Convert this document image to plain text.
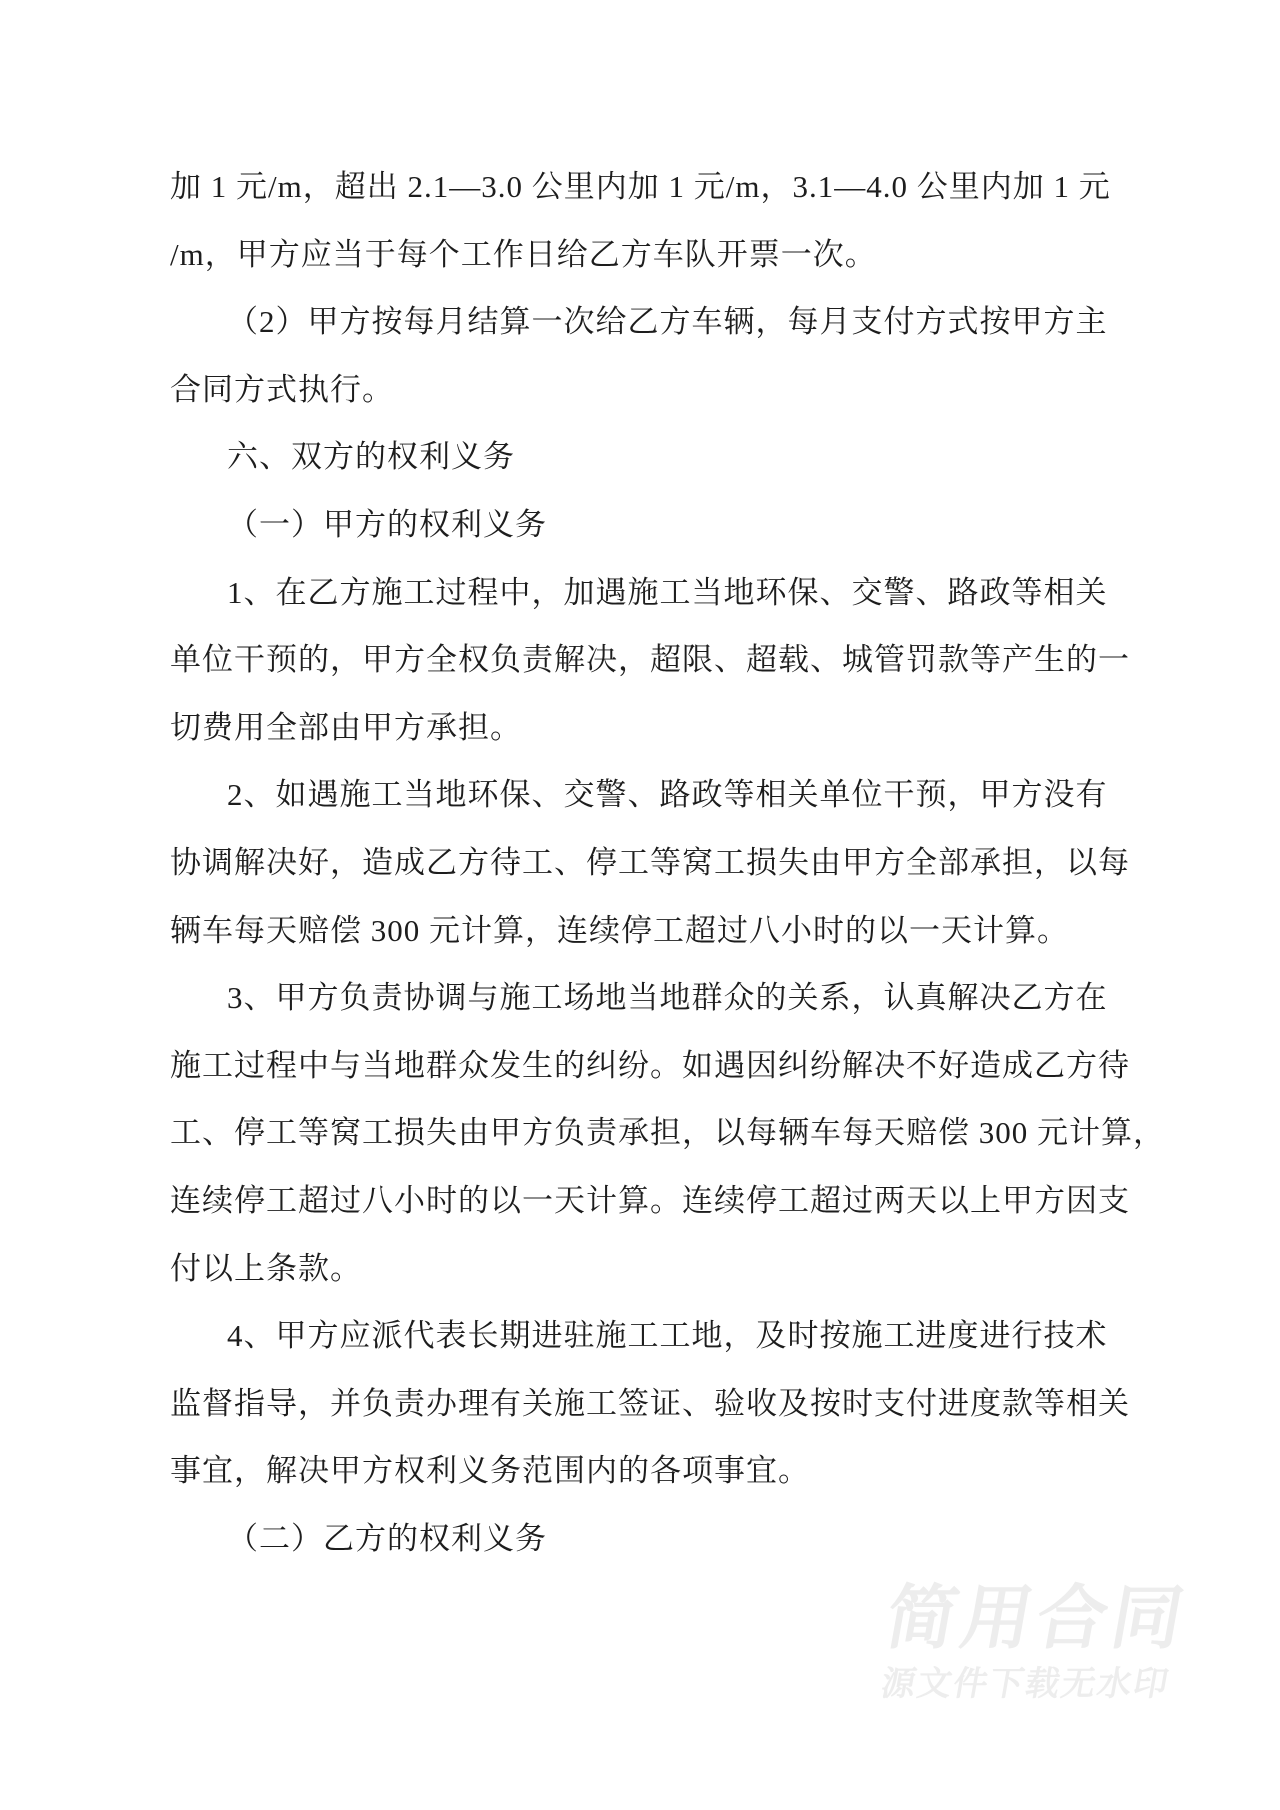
加 1 元/m，超出 2.1—3.0 公里内加 1 元/m，3.1—4.0 公里内加 1 元
/m，甲方应当于每个工作日给乙方车队开票一次。
（2）甲方按每月结算一次给乙方车辆，每月支付方式按甲方主
合同方式执行。
六、双方的权利义务
（一）甲方的权利义务
1、在乙方施工过程中，加遇施工当地环保、交警、路政等相关
单位干预的，甲方全权负责解决，超限、超载、城管罚款等产生的一
切费用全部由甲方承担。
2、如遇施工当地环保、交警、路政等相关单位干预，甲方没有
协调解决好，造成乙方待工、停工等窝工损失由甲方全部承担，以每
辆车每天赔偿 300 元计算，连续停工超过八小时的以一天计算。
3、甲方负责协调与施工场地当地群众的关系，认真解决乙方在
施工过程中与当地群众发生的纠纷。如遇因纠纷解决不好造成乙方待
工、停工等窝工损失由甲方负责承担，以每辆车每天赔偿 300 元计算，
连续停工超过八小时的以一天计算。连续停工超过两天以上甲方因支
付以上条款。
4、甲方应派代表长期进驻施工工地，及时按施工进度进行技术
监督指导，并负责办理有关施工签证、验收及按时支付进度款等相关
事宜，解决甲方权利义务范围内的各项事宜。
（二）乙方的权利义务
简用合同
源文件下载无水印
